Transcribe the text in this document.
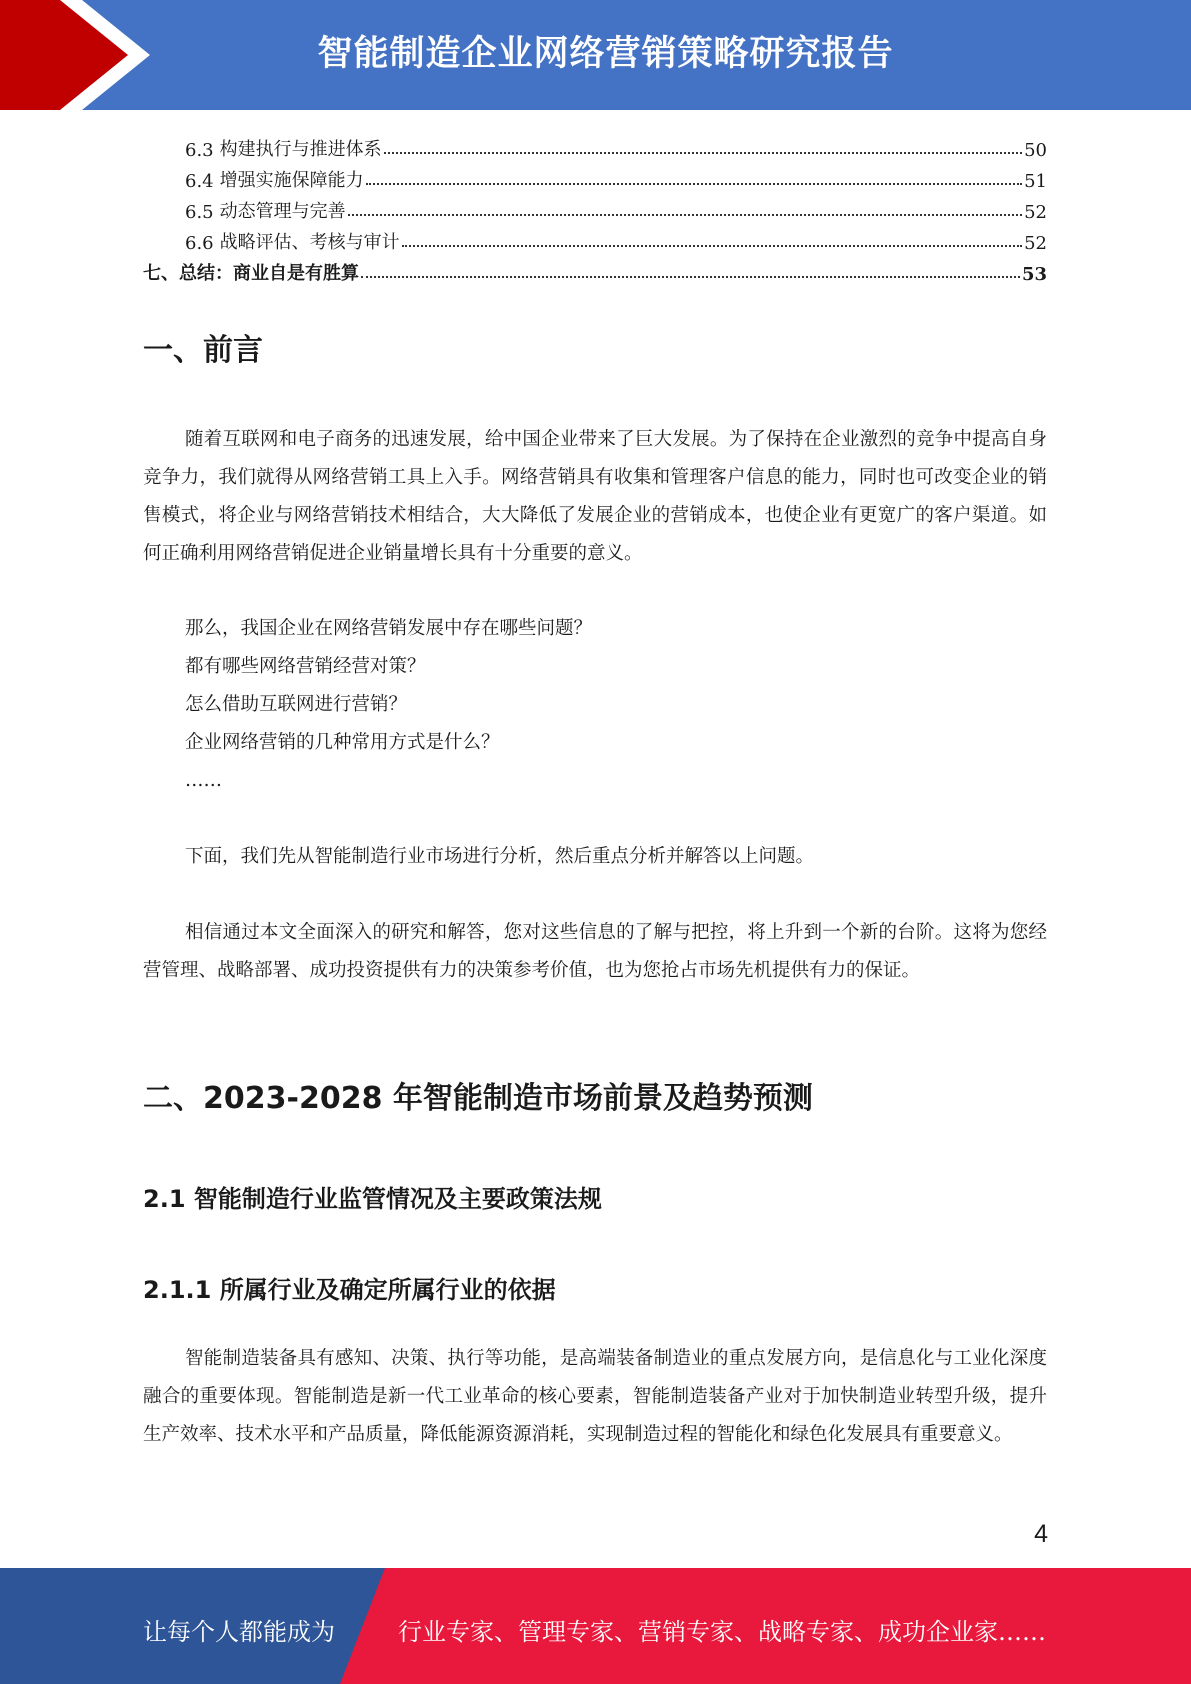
智能制造企业网络营销策略研究报告
6.3 构建执行与推进体系	50
6.4 增强实施保障能力	51
6.5 动态管理与完善	52
6.6 战略评估、考核与审计	52
七、总结：商业自是有胜算	53
一、前言

随着互联网和电子商务的迅速发展，给中国企业带来了巨大发展。为了保持在企业激烈的竞争中提高自身竞争力，我们就得从网络营销工具上入手。网络营销具有收集和管理客户信息的能力，同时也可改变企业的销售模式，将企业与网络营销技术相结合，大大降低了发展企业的营销成本，也使企业有更宽广的客户渠道。如何正确利用网络营销促进企业销量增长具有十分重要的意义。

那么，我国企业在网络营销发展中存在哪些问题？
都有哪些网络营销经营对策？
怎么借助互联网进行营销？
企业网络营销的几种常用方式是什么？
……

下面，我们先从智能制造行业市场进行分析，然后重点分析并解答以上问题。

相信通过本文全面深入的研究和解答，您对这些信息的了解与把控，将上升到一个新的台阶。这将为您经营管理、战略部署、成功投资提供有力的决策参考价值，也为您抢占市场先机提供有力的保证。

二、2023-2028 年智能制造市场前景及趋势预测
2.1 智能制造行业监管情况及主要政策法规
2.1.1 所属行业及确定所属行业的依据

智能制造装备具有感知、决策、执行等功能，是高端装备制造业的重点发展方向，是信息化与工业化深度融合的重要体现。智能制造是新一代工业革命的核心要素，智能制造装备产业对于加快制造业转型升级，提升生产效率、技术水平和产品质量，降低能源资源消耗，实现制造过程的智能化和绿色化发展具有重要意义。

4
让每个人都能成为	行业专家、管理专家、营销专家、战略专家、成功企业家……
